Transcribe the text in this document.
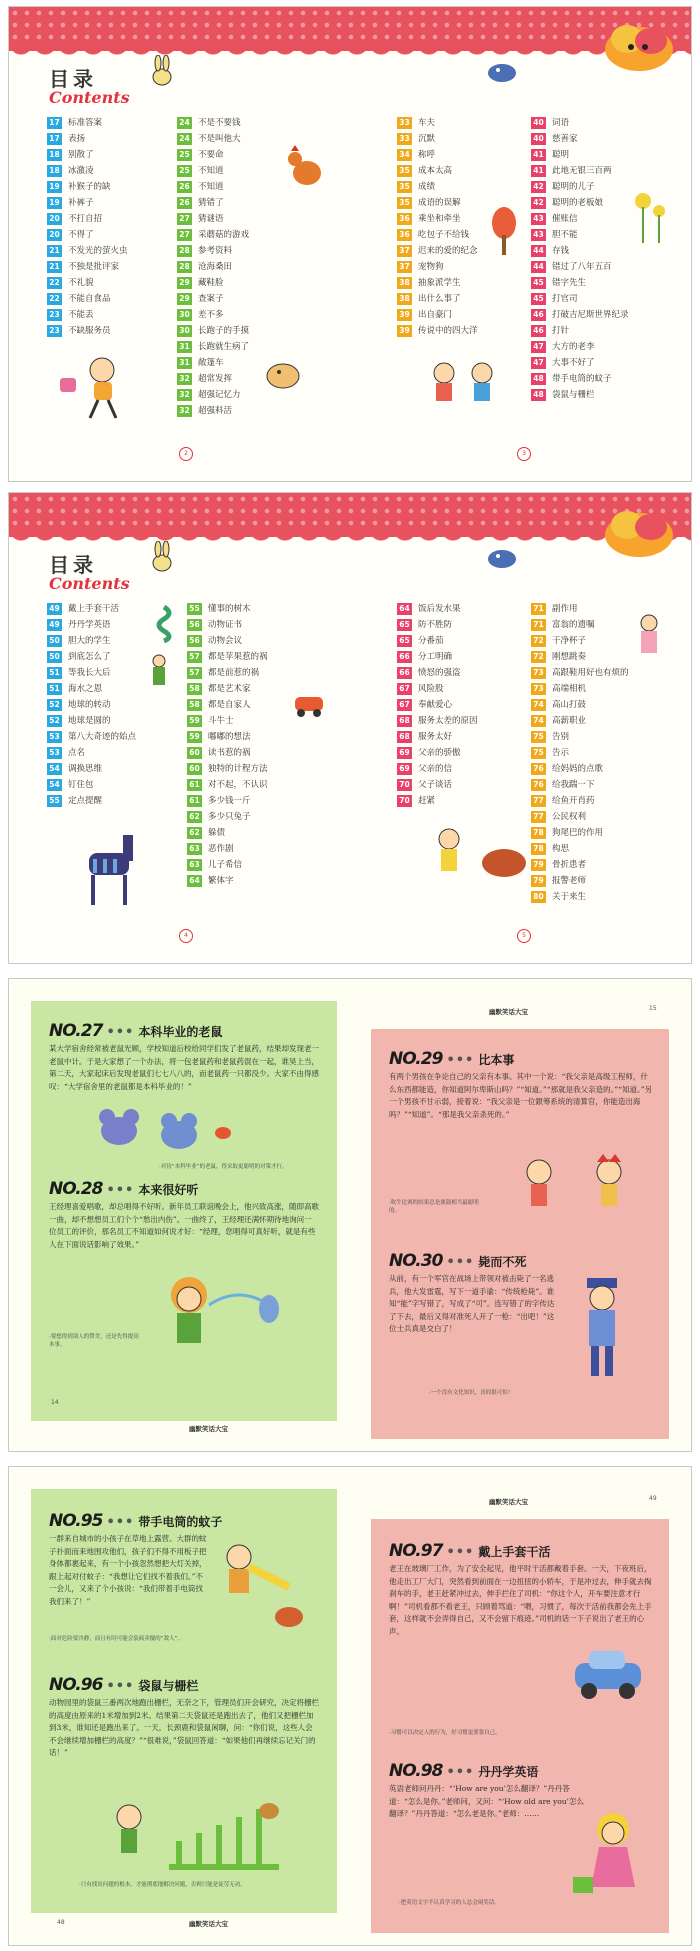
目录
Contents
17 标准答案
17 表扬
18 别散了
18 冰激凌
19 补猴子的缺
19 补裤子
20 不打自招
20 不得了
21 不发光的萤火虫
21 不独是批评家
22 不礼貌
22 不能自食品
23 不能丢
23 不缺服务员
24 不是不要钱
24 不是叫他大
25 不要命
25 不知道
26 不知道
26 猜错了
27 猜谜语
27 采蘑菇的游戏
28 参考资料
28 沧海桑田
29 藏鞋脸
29 查案子
30 差不多
30 长跑子的手摸
31 长跑就生病了
31 敞篷车
32 超常发挥
32 超强记忆力
32 超强料活
33 车夫
33 沉默
34 称呼
35 成本太高
35 成绩
35 成语的误解
36 乘坐和牵坐
36 吃包子不给钱
37 迟来的爱的纪念
37 宠物狗
38 抽象派学生
38 出什么事了
39 出自豪门
39 传说中的四大洋
40 词语
40 慈善家
41 聪明
41 此地无银三百两
42 聪明的儿子
42 聪明的老板娘
43 催账信
43 胆不能
44 存钱
44 错过了八年五百
45 错字先生
45 打官司
46 打破吉尼斯世界纪录
46 打针
47 大方的老李
47 大事不好了
48 带手电筒的蚊子
48 袋鼠与栅栏
2	3
目录
Contents
49 戴上手套干活
49 丹丹学英语
50 胆大的学生
50 到底怎么了
51 等我长大后
51 海水之恩
52 地球的转动
52 地球是圆的
53 第八大奇迹的始点
53 点名
54 调换思维
54 钉住包
55 定点提醒
55 懂事的树木
56 动物证书
56 动物会议
57 都是苹果惹的祸
57 都是前惹的祸
58 都是艺术家
58 都是自家人
59 斗牛士
59 嘟嘟的想法
60 读书惹的祸
60 独特的计程方法
61 对不起，不认识
61 多少钱一斤
62 多少只兔子
62 躲债
63 恶作剧
63 儿子希信
64 繁体字
64 饭后发水果
65 防不胜防
65 分番茄
66 分工明确
66 愤怒的强盗
67 风险股
67 奉献爱心
68 服务太差的原因
68 服务太好
69 父亲的骄傲
69 父亲的信
70 父子谈话
70 赶紧
71 副作用
71 富翁的遗嘱
72 干净杯子
72 刚想跳奏
73 高跟鞋用好也有烦的
73 高端相机
74 高山打鼓
74 高薪职业
75 告别
75 告示
76 给妈妈的点歌
76 给我踹一下
77 给鱼开肖药
77 公民权利
78 狗尾巴的作用
78 构思
79 骨折患者
79 报警老师
80 关于来生
4	5
幽默笑话大宝	15
幽默笑话大宝
14
NO. 27 ••• 本科毕业的老鼠
某大学宿舍经常被老鼠光顾，学校知道后校给同学们发了老鼠药，结果却发现老一老鼠中计。于是大家想了一个办法，将一包老鼠药和老鼠药混在一起，谁昊上当，第二天，大家起床后发现老鼠们七七八八的，而老鼠药一只都没少。大家不由得感叹：“大学宿舍里的老鼠都是本科毕业的！”
·对待“本科毕业”的老鼠，得采取更聪明的对策才行。
NO. 28 ••• 本来很好听
王经理喜爱唱歌，却总唱得不好听。新年员工联谊晚会上，他兴致高涨，随即高歌一曲，却不想想员工们个个“愁出内伤”。一曲终了，王经理还满怀期待地询问一位员工的评价，那名员工不知道如何说才好：“经理，您唱得可真好听，就是有些人在下面说话影响了效果。”
·要想得到别人的赞美，还是先得提高本事。
NO. 29 ••• 比本事
有两个男孩在争论自己的父亲有本事。其中一个说：“我父亲是高级工程师，什么东西都能造，你知道阿尔卑斯山吗？”“知道。”“那就是我父亲造的。”“知道。”另一个男孩不甘示弱，接着说：“我父亲是一位銀筹系统的清算官，你能造出海吗？”“知道”。“那是我父亲杀死的。”
·吹牛比赛的结果总是旗鼓相当最聪明的。
NO. 30 ••• 毙而不死
从前，有一个军官在战场上带领对被击毙了一名逃兵，他大发雷霆，写下一道手谕：“传统枪毙”。谁知“能”字写错了，写成了“可”。连写错了的字传达了下去，最后又得对准死人开了一枪：“出吧！”这位士兵真是交白了！
·一个没有文化知识，真的很可怕！
幽默笑话大宝	49
幽默笑话大宝
48
NO. 95 ••• 带手电筒的蚊子
一群来自城市的小孩子在草地上露营。大群的蚊子扑面而来地围攻他们，孩子们不得不用板子把身体都裹起来，有一个小孩忽然想把大灯关掉，跟上起对付蚊子：“我想让它们找不着我们。”不一会儿，又来了个小孩说：“我们带着手电筒找我们来了！”
·面对危险要冷静，而且有时可能会装疯卖傻的“敌人”。
NO. 96 ••• 袋鼠与栅栏
动物园里的袋鼠三番两次地跑出栅栏，无奈之下，管理员们开会研究，决定将栅栏的高度由原来的1米增加到2米。结果第二天袋鼠还是跑出去了，他们又把栅栏加到3米，谁知还是跑出来了。一天，长颈鹿和袋鼠闲聊，问：“你们说，这些人会不会继续增加栅栏的高度？”“很难说，”袋鼠回答道：“如果他们再继续忘记关门的话！”
·只有找出问题的根本，才能彻底地解决问题，否则只能是徒劳无功。
NO. 97 ••• 戴上手套干活
老王在玻璃厂工作，为了安全起见，他平时干活都戴着手套。一天，下夜班后，他走出工厂大门，突然看到前面在一边扭扭的小轿车，于是冲过去，伸手就去掏刹车的手，老王赶紧冲过去，伸手拦住了司机：“你这个人，开车要注意才行啊！”司机看都不看老王，只顾着骂道：“喂，习惯了，每次干活前我都会先上手套，这样就不会弄得自己，又不会留下痕迹。”司机的话一下子说出了老王的心声。
·习惯可以决定人的行为，好习惯更要靠自己。
NO. 98 ••• 丹丹学英语
英语老师问丹丹：“‘How are you’怎么翻译？”丹丹答道：“怎么是你。”老师问，又问：“‘How old are you’怎么翻译？”丹丹答道：“怎么老是你。”老师：……
·把英语文字不认真学习的人总会闹笑话。
